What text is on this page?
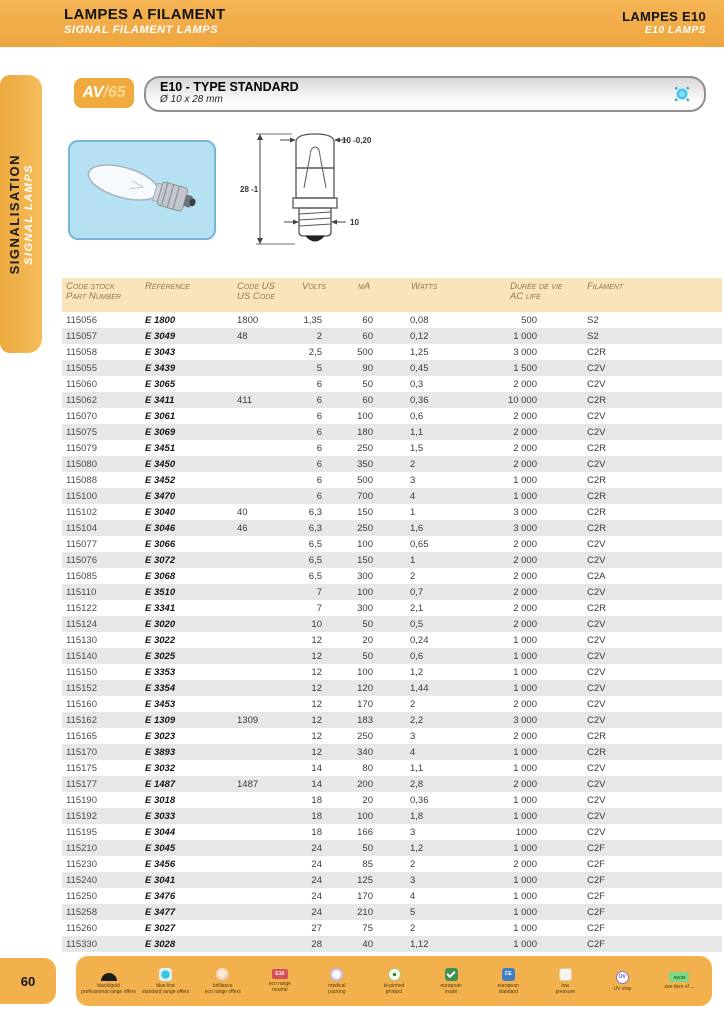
LAMPES A FILAMENT
SIGNAL FILAMENT LAMPS
LAMPES E10
E10 LAMPS
SIGNALISATION SIGNAL LAMPS
AV /65	E10 - TYPE STANDARD
Ø 10 x 28 mm
28 -1
10 -0,20
10
Code stock
Part Number	Référence	Code US
US Code	Volts	mA	Watts	Durée de vie
AC life	Filament
115056	E 1800	1800	1,35	60	0,08	500	S2
115057	E 3049	48	2	60	0,12	1 000	S2
115058	E 3043		2,5	500	1,25	3 000	C2R
115055	E 3439		5	90	0,45	1 500	C2V
115060	E 3065		6	50	0,3	2 000	C2V
115062	E 3411	411	6	60	0,36	10 000	C2R
115070	E 3061		6	100	0,6	2 000	C2V
115075	E 3069		6	180	1,1	2 000	C2V
115079	E 3451		6	250	1,5	2 000	C2R
115080	E 3450		6	350	2	2 000	C2V
115088	E 3452		6	500	3	1 000	C2R
115100	E 3470		6	700	4	1 000	C2R
115102	E 3040	40	6,3	150	1	3 000	C2R
115104	E 3046	46	6,3	250	1,6	3 000	C2R
115077	E 3066		6,5	100	0,65	2 000	C2V
115076	E 3072		6,5	150	1	2 000	C2V
115085	E 3068		6,5	300	2	2 000	C2A
115110	E 3510		7	100	0,7	2 000	C2V
115122	E 3341		7	300	2,1	2 000	C2R
115124	E 3020		10	50	0,5	2 000	C2V
115130	E 3022		12	20	0,24	1 000	C2V
115140	E 3025		12	50	0,6	1 000	C2V
115150	E 3353		12	100	1,2	1 000	C2V
115152	E 3354		12	120	1,44	1 000	C2V
115160	E 3453		12	170	2	2 000	C2V
115162	E 1309	1309	12	183	2,2	3 000	C2V
115165	E 3023		12	250	3	2 000	C2R
115170	E 3893		12	340	4	1 000	C2R
115175	E 3032		14	80	1,1	1 000	C2V
115177	E 1487	1487	14	200	2,8	2 000	C2V
115190	E 3018		18	20	0,36	1 000	C2V
115192	E 3033		18	100	1,8	1 000	C2V
115195	E 3044		18	166	3	1000	C2V
115210	E 3045		24	50	1,2	1 000	C2F
115230	E 3456		24	85	2	2 000	C2F
115240	E 3041		24	125	3	1 000	C2F
115250	E 3476		24	170	4	1 000	C2F
115258	E 3477		24	210	5	1 000	C2F
115260	E 3027		27	75	2	1 000	C2F
115330	E 3028		28	40	1,12	1 000	C2F
60	black/gold
professional range offers
blue line
standard range offers
brilliance
eco range offers
E10
eco range
neutral
medical
packing
bi-pinned
product
european
made
CE
european
standard
low
pressure
UV
UV stop
AV/33
see item of ...
